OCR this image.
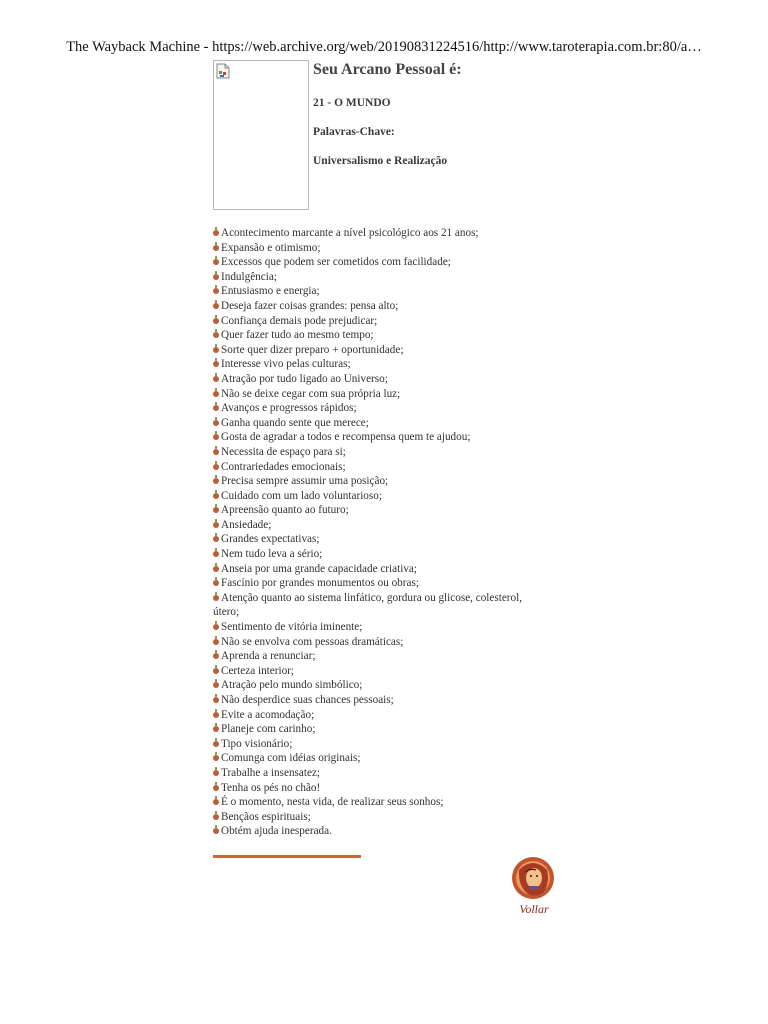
The Wayback Machine - https://web.archive.org/web/20190831224516/http://www.taroterapia.com.br:80/a…
Seu Arcano Pessoal é:
21 - O MUNDO
Palavras-Chave:
Universalismo e Realização
Acontecimento marcante a nível psicológico aos 21 anos;
Expansão e otimismo;
Excessos que podem ser cometidos com facilidade;
Indulgência;
Entusiasmo e energia;
Deseja fazer coisas grandes: pensa alto;
Confiança demais pode prejudicar;
Quer fazer tudo ao mesmo tempo;
Sorte quer dizer preparo + oportunidade;
Interesse vivo pelas culturas;
Atração por tudo ligado ao Universo;
Não se deixe cegar com sua própria luz;
Avanços e progressos rápidos;
Ganha quando sente que merece;
Gosta de agradar a todos e recompensa quem te ajudou;
Necessita de espaço para si;
Contrariedades emocionais;
Precisa sempre assumir uma posição;
Cuidado com um lado voluntarioso;
Apreensão quanto ao futuro;
Ansiedade;
Grandes expectativas;
Nem tudo leva a sério;
Anseia por uma grande capacidade criativa;
Fascínio por grandes monumentos ou obras;
Atenção quanto ao sistema linfático, gordura ou glicose, colesterol, útero;
Sentimento de vitória iminente;
Não se envolva com pessoas dramáticas;
Aprenda a renunciar;
Certeza interior;
Atração pelo mundo simbólico;
Não desperdice suas chances pessoais;
Evite a acomodação;
Planeje com carinho;
Tipo visionário;
Comunga com idéias originais;
Trabalhe a insensatez;
Tenha os pés no chão!
É o momento, nesta vida, de realizar seus sonhos;
Bençãos espirituais;
Obtém ajuda inesperada.
Vollar
